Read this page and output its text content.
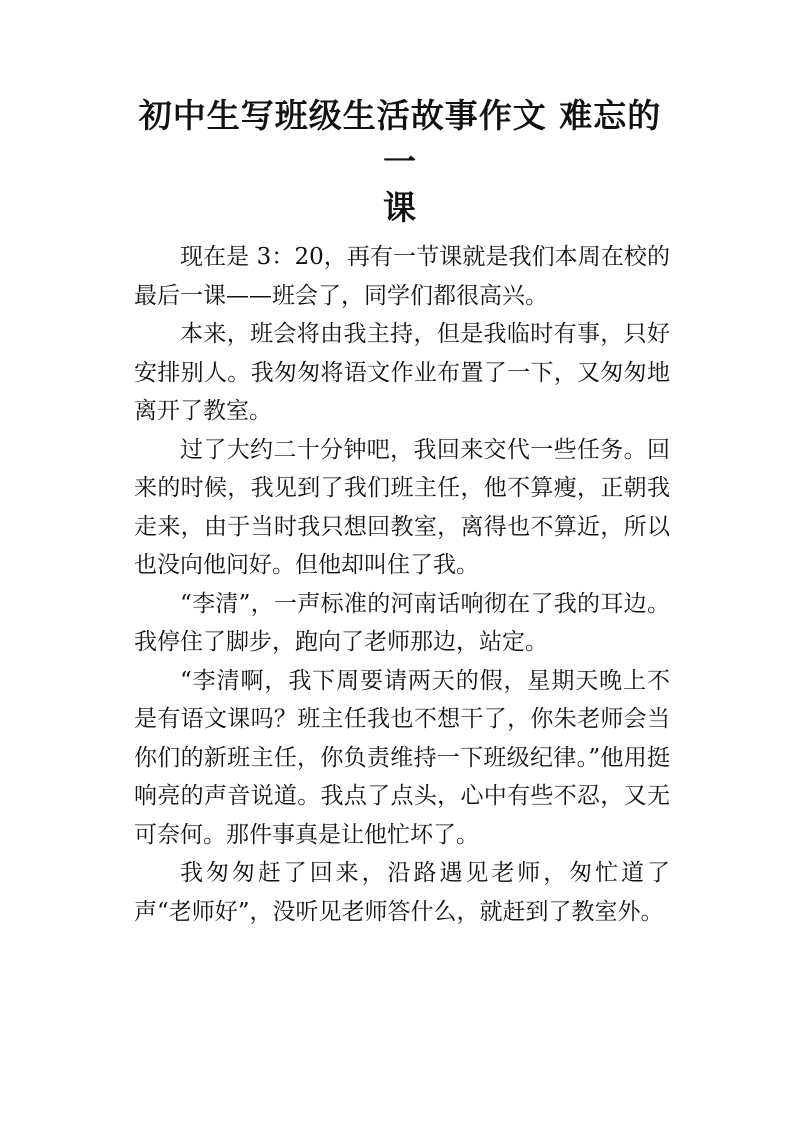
初中生写班级生活故事作文 难忘的一
课

现在是 3：20，再有一节课就是我们本周在校的最后一课——班会了，同学们都很高兴。

本来，班会将由我主持，但是我临时有事，只好安排别人。我匆匆将语文作业布置了一下，又匆匆地离开了教室。

过了大约二十分钟吧，我回来交代一些任务。回来的时候，我见到了我们班主任，他不算瘦，正朝我走来，由于当时我只想回教室，离得也不算近，所以也没向他问好。但他却叫住了我。

“李清”，一声标准的河南话响彻在了我的耳边。我停住了脚步，跑向了老师那边，站定。

“李清啊，我下周要请两天的假，星期天晚上不是有语文课吗？班主任我也不想干了，你朱老师会当你们的新班主任，你负责维持一下班级纪律。”他用挺响亮的声音说道。我点了点头，心中有些不忍，又无可奈何。那件事真是让他忙坏了。

我匆匆赶了回来，沿路遇见老师，匆忙道了声“老师好”，没听见老师答什么，就赶到了教室外。
